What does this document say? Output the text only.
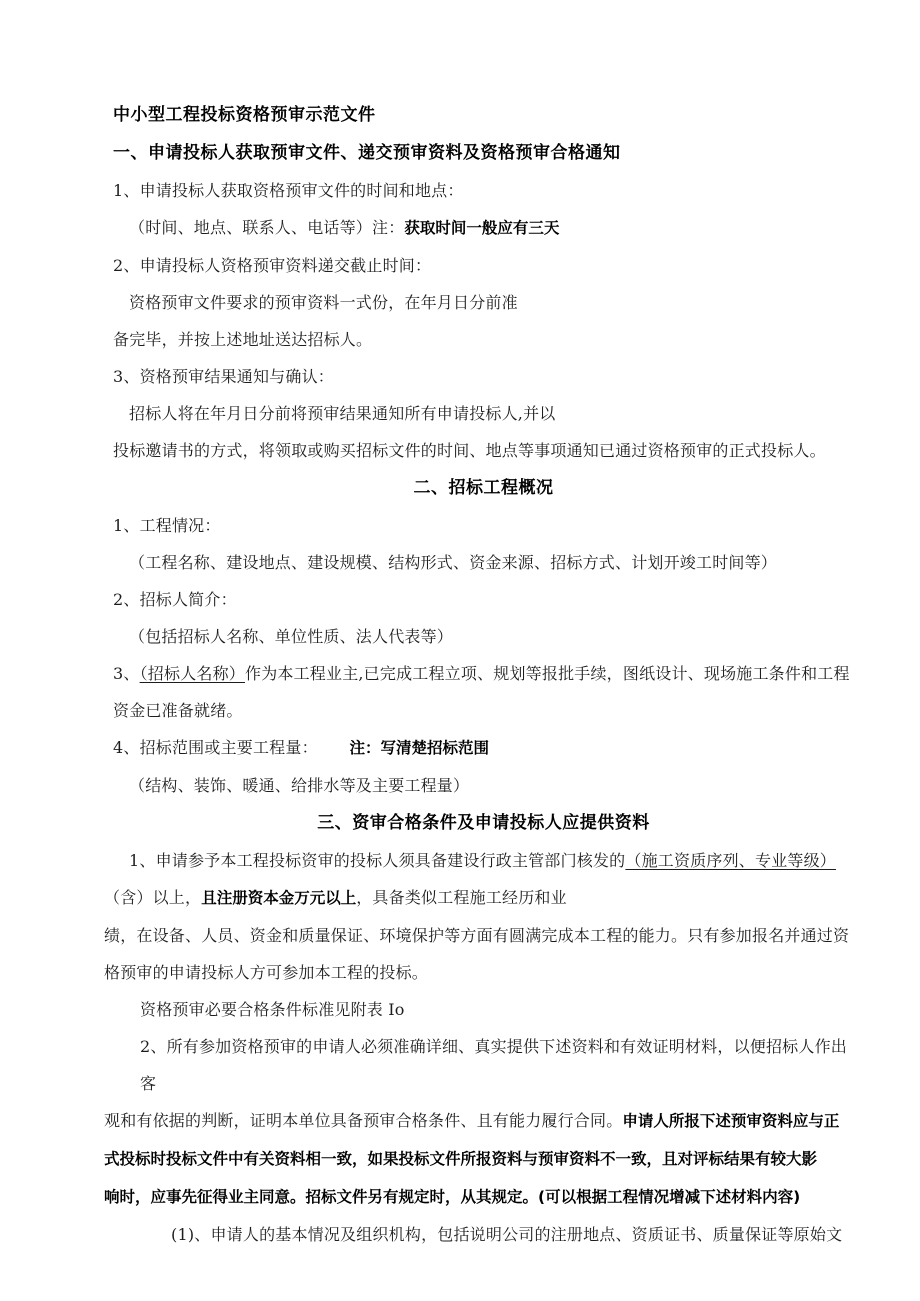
中小型工程投标资格预审示范文件
一、申请投标人获取预审文件、递交预审资料及资格预审合格通知
1、申请投标人获取资格预审文件的时间和地点：
（时间、地点、联系人、电话等）注：获取时间一般应有三天
2、申请投标人资格预审资料递交截止时间：
资格预审文件要求的预审资料一式份，在年月日分前准
备完毕，并按上述地址送达招标人。
3、资格预审结果通知与确认：
招标人将在年月日分前将预审结果通知所有申请投标人,并以
投标邀请书的方式，将领取或购买招标文件的时间、地点等事项通知已通过资格预审的正式投标人。
二、招标工程概况
1、工程情况：
（工程名称、建设地点、建设规模、结构形式、资金来源、招标方式、计划开竣工时间等）
2、招标人简介：
（包括招标人名称、单位性质、法人代表等）
3、（招标人名称）作为本工程业主,已完成工程立项、规划等报批手续，图纸设计、现场施工条件和工程
资金已准备就绪。
4、招标范围或主要工程量：      注：写清楚招标范围
（结构、装饰、暖通、给排水等及主要工程量）
三、资审合格条件及申请投标人应提供资料
1、申请参予本工程投标资审的投标人须具备建设行政主管部门核发的（施工资质序列、专业等级）
（含）以上，且注册资本金万元以上，具备类似工程施工经历和业
绩，在设备、人员、资金和质量保证、环境保护等方面有圆满完成本工程的能力。只有参加报名并通过资
格预审的申请投标人方可参加本工程的投标。
资格预审必要合格条件标准见附表 Io
2、所有参加资格预审的申请人必须准确详细、真实提供下述资料和有效证明材料，以便招标人作出客
观和有依据的判断，证明本单位具备预审合格条件、且有能力履行合同。申请人所报下述预审资料应与正
式投标时投标文件中有关资料相一致，如果投标文件所报资料与预审资料不一致，且对评标结果有较大影
响时，应事先征得业主同意。招标文件另有规定时，从其规定。(可以根据工程情况增减下述材料内容)
(1)、申请人的基本情况及组织机构，包括说明公司的注册地点、资质证书、质量保证等原始文
